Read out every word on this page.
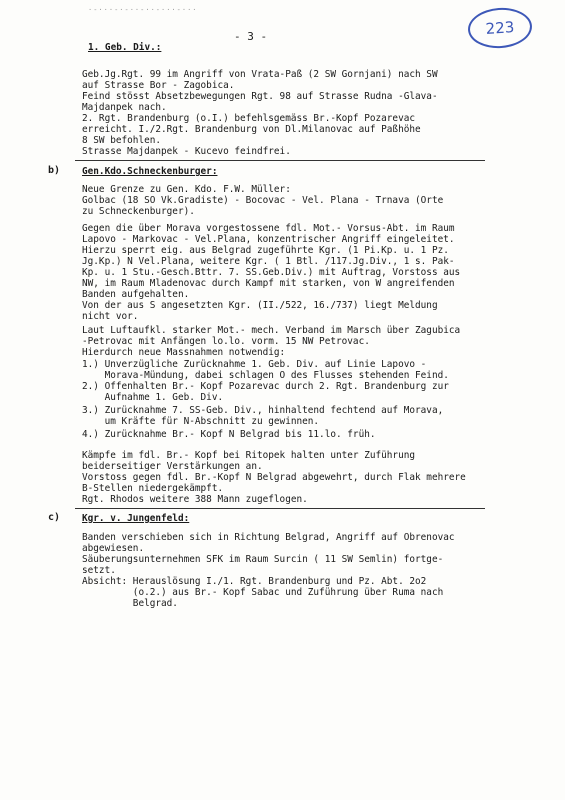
·-···-·-··-··-···-···
- 3 -	223
1. Geb. Div.:
Geb.Jg.Rgt. 99 im Angriff von Vrata-Paß (2 SW Gornjani) nach SW
auf Strasse Bor - Zagobica.
Feind stösst Absetzbewegungen Rgt. 98 auf Strasse Rudna -Glava-
Majdanpek nach.
2. Rgt. Brandenburg (o.I.) befehlsgemäss Br.-Kopf Pozarevac
erreicht. I./2.Rgt. Brandenburg von Dl.Milanovac auf Paßhöhe
8 SW befohlen.
Strasse Majdanpek - Kucevo feindfrei.
b) Gen.Kdo.Schneckenburger:
Neue Grenze zu Gen. Kdo. F.W. Müller:
Golbac (18 SO Vk.Gradiste) - Bocovac - Vel. Plana - Trnava (Orte
zu Schneckenburger).
Gegen die über Morava vorgestossene fdl. Mot.- Vorsus-Abt. im Raum
Lapovo - Markovac - Vel.Plana, konzentrischer Angriff eingeleitet.
Hierzu sperrt eig. aus Belgrad zugeführte Kgr. (1 Pi.Kp. u. 1 Pz.
Jg.Kp.) N Vel.Plana, weitere Kgr. ( 1 Btl. /117.Jg.Div., 1 s. Pak-
Kp. u. 1 Stu.-Gesch.Bttr. 7. SS.Geb.Div.) mit Auftrag, Vorstoss aus
NW, im Raum Mladenovac durch Kampf mit starken, von W angreifenden
Banden aufgehalten.
Von der aus S angesetzten Kgr. (II./522, 16./737) liegt Meldung
nicht vor.
Laut Luftaufkl. starker Mot.- mech. Verband im Marsch über Zagubica
-Petrovac mit Anfängen lo.lo. vorm. 15 NW Petrovac.
Hierdurch neue Massnahmen notwendig:
1.) Unverzügliche Zurücknahme 1. Geb. Div. auf Linie Lapovo -
Morava-Mündung, dabei schlagen O des Flusses stehenden Feind.
2.) Offenhalten Br.- Kopf Pozarevac durch 2. Rgt. Brandenburg zur
Aufnahme 1. Geb. Div.
3.) Zurücknahme 7. SS-Geb. Div., hinhaltend fechtend auf Morava,
um Kräfte für N-Abschnitt zu gewinnen.
4.) Zurücknahme Br.- Kopf N Belgrad bis 11.lo. früh.
Kämpfe im fdl. Br.- Kopf bei Ritopek halten unter Zuführung
beiderseitiger Verstärkungen an.
Vorstoss gegen fdl. Br.-Kopf N Belgrad abgewehrt, durch Flak mehrere
B-Stellen niedergekämpft.
Rgt. Rhodos weitere 388 Mann zugeflogen.
c) Kgr. v. Jungenfeld:
Banden verschieben sich in Richtung Belgrad, Angriff auf Obrenovac
abgewiesen.
Säuberungsunternehmen SFK im Raum Surcin ( 11 SW Semlin) fortge-
setzt.
Absicht: Herauslösung I./1. Rgt. Brandenburg und Pz. Abt. 2o2
(o.2.) aus Br.- Kopf Sabac und Zuführung über Ruma nach
Belgrad.
